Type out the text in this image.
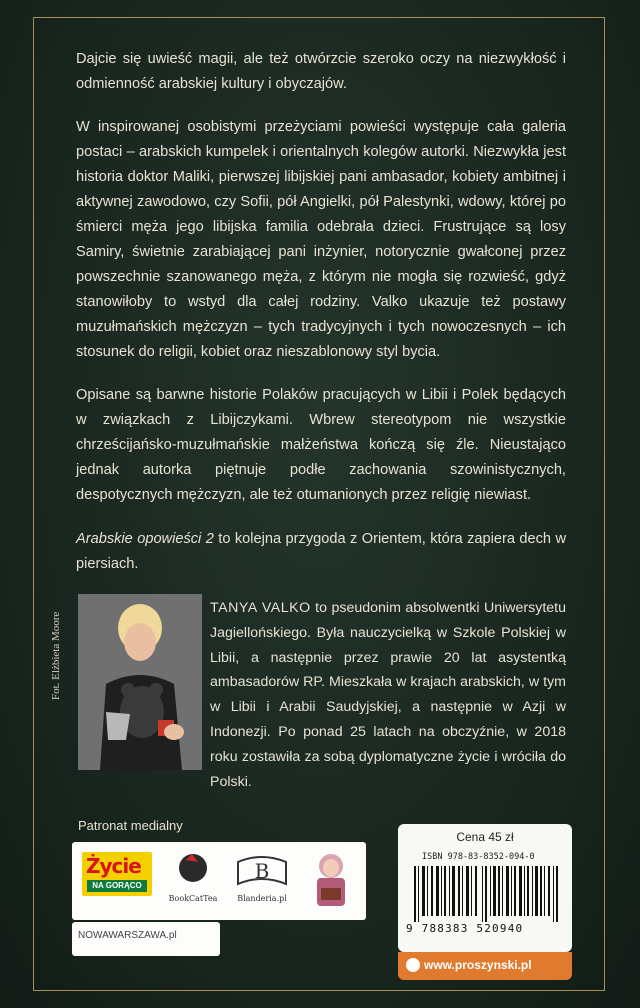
Dajcie się uwieść magii, ale też otwórzcie szeroko oczy na niezwykłość i odmienność arabskiej kultury i obyczajów.

W inspirowanej osobistymi przeżyciami powieści występuje cała galeria postaci – arabskich kumpelek i orientalnych kolegów autorki. Niezwykła jest historia doktor Maliki, pierwszej libijskiej pani ambasador, kobiety ambitnej i aktywnej zawodowo, czy Sofii, pół Angielki, pół Palestynki, wdowy, której po śmierci męża jego libijska familia odebrała dzieci. Frustrujące są losy Samiry, świetnie zarabiającej pani inżynier, notorycznie gwałconej przez powszechnie szanowanego męża, z którym nie mogła się rozwieść, gdyż stanowiłoby to wstyd dla całej rodziny. Valko ukazuje też postawy muzułmańskich mężczyzn – tych tradycyjnych i tych nowoczesnych – ich stosunek do religii, kobiet oraz nieszablonowy styl bycia.

Opisane są barwne historie Polaków pracujących w Libii i Polek będących w związkach z Libijczykami. Wbrew stereotypom nie wszystkie chrześcijańsko-muzułmańskie małżeństwa kończą się źle. Nieustająco jednak autorka piętnuje podłe zachowania szowinistycznych, despotycznych mężczyzn, ale też otumanionych przez religię niewiast.

Arabskie opowieści 2 to kolejna przygoda z Orientem, która zapiera dech w piersiach.

Fot. Elżbieta Moore
TANYA VALKO to pseudonim absolwentki Uniwersytetu Jagiellońskiego. Była nauczycielką w Szkole Polskiej w Libii, a następnie przez prawie 20 lat asystentką ambasadorów RP. Mieszkała w krajach arabskich, w tym w Libii i Arabii Saudyjskiej, a następnie w Azji w Indonezji. Po ponad 25 latach na obczyźnie, w 2018 roku zostawiła za sobą dyplomatyczne życie i wróciła do Polski.
Patronat medialny
Życie
NA GORĄCO
BookCatTea
B
Blanderia.pl
NOWAWARSZAWA.pl
Cena 45 zł
ISBN 978-83-8352-094-0
9 788383 520940
www.proszynski.pl
